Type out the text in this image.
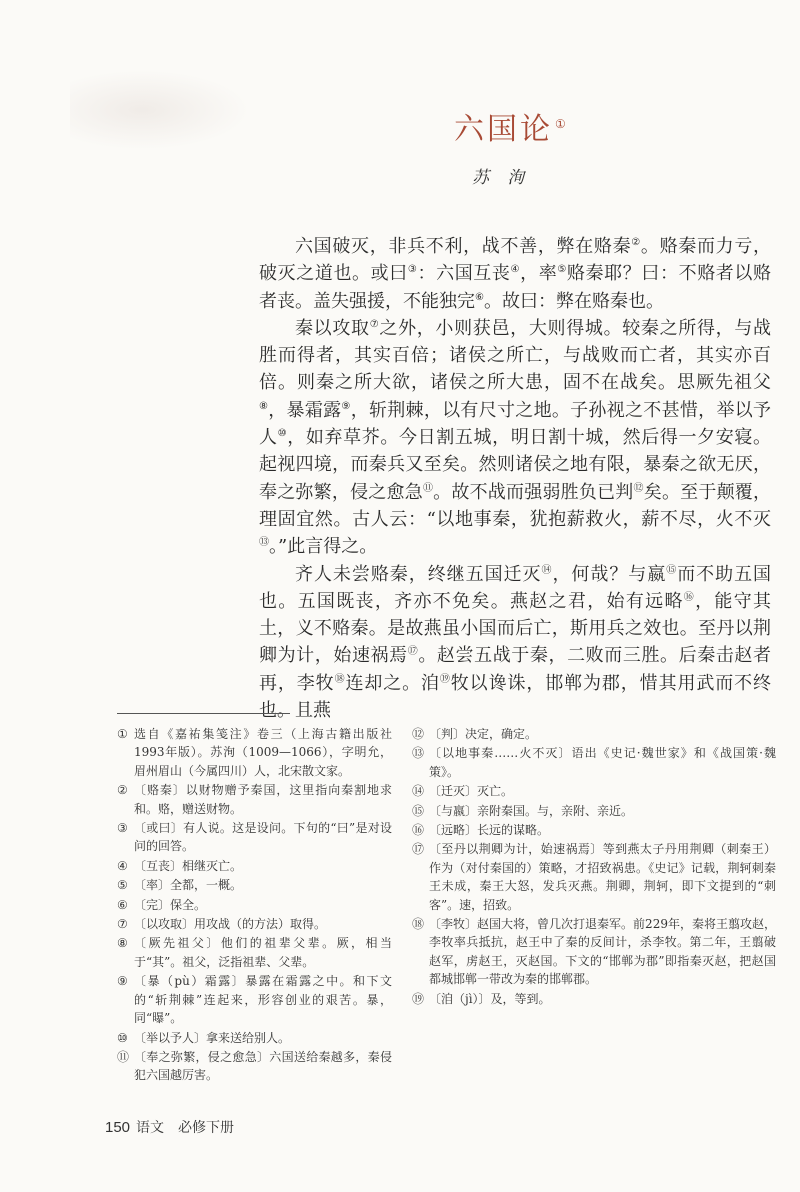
六国论 ①
苏洵

六国破灭，非兵不利，战不善，弊在赂秦②。赂秦而力亏，破灭之道也。或曰③：六国互丧④，率⑤赂秦耶？曰：不赂者以赂者丧。盖失强援，不能独完⑥。故曰：弊在赂秦也。

秦以攻取⑦之外，小则获邑，大则得城。较秦之所得，与战胜而得者，其实百倍；诸侯之所亡，与战败而亡者，其实亦百倍。则秦之所大欲，诸侯之所大患，固不在战矣。思厥先祖父⑧，暴霜露⑨，斩荆棘，以有尺寸之地。子孙视之不甚惜，举以予人⑩，如弃草芥。今日割五城，明日割十城，然后得一夕安寝。起视四境，而秦兵又至矣。然则诸侯之地有限，暴秦之欲无厌，奉之弥繁，侵之愈急⑪。故不战而强弱胜负已判⑫矣。至于颠覆，理固宜然。古人云：“以地事秦，犹抱薪救火，薪不尽，火不灭⑬。”此言得之。

齐人未尝赂秦，终继五国迁灭⑭，何哉？与嬴⑮而不助五国也。五国既丧，齐亦不免矣。燕赵之君，始有远略⑯，能守其土，义不赂秦。是故燕虽小国而后亡，斯用兵之效也。至丹以荆卿为计，始速祸焉⑰。赵尝五战于秦，二败而三胜。后秦击赵者再，李牧⑱连却之。洎⑲牧以谗诛，邯郸为郡，惜其用武而不终也。且燕

① 选自《嘉祐集笺注》卷三（上海古籍出版社1993年版）。苏洵（1009—1066），字明允，眉州眉山（今属四川）人，北宋散文家。
② 〔赂秦〕以财物赠予秦国，这里指向秦割地求和。赂，赠送财物。
③ 〔或曰〕有人说。这是设问。下句的“曰”是对设问的回答。
④ 〔互丧〕相继灭亡。
⑤ 〔率〕全都，一概。
⑥ 〔完〕保全。
⑦ 〔以攻取〕用攻战（的方法）取得。
⑧ 〔厥先祖父〕他们的祖辈父辈。厥，相当于“其”。祖父，泛指祖辈、父辈。
⑨ 〔暴（pù）霜露〕暴露在霜露之中。和下文的“斩荆棘”连起来，形容创业的艰苦。暴，同“曝”。
⑩ 〔举以予人〕拿来送给别人。
⑪ 〔奉之弥繁，侵之愈急〕六国送给秦越多，秦侵犯六国越厉害。
⑫ 〔判〕决定，确定。
⑬ 〔以地事秦……火不灭〕语出《史记·魏世家》和《战国策·魏策》。
⑭ 〔迁灭〕灭亡。
⑮ 〔与嬴〕亲附秦国。与，亲附、亲近。
⑯ 〔远略〕长远的谋略。
⑰ 〔至丹以荆卿为计，始速祸焉〕等到燕太子丹用荆卿（刺秦王）作为（对付秦国的）策略，才招致祸患。《史记》记载，荆轲刺秦王未成，秦王大怒，发兵灭燕。荆卿，荆轲，即下文提到的“刺客”。速，招致。
⑱ 〔李牧〕赵国大将，曾几次打退秦军。前229年，秦将王翦攻赵，李牧率兵抵抗，赵王中了秦的反间计，杀李牧。第二年，王翦破赵军，虏赵王，灭赵国。下文的“邯郸为郡”即指秦灭赵，把赵国都城邯郸一带改为秦的邯郸郡。
⑲ 〔洎（jì）〕及，等到。
150 语文　必修下册
